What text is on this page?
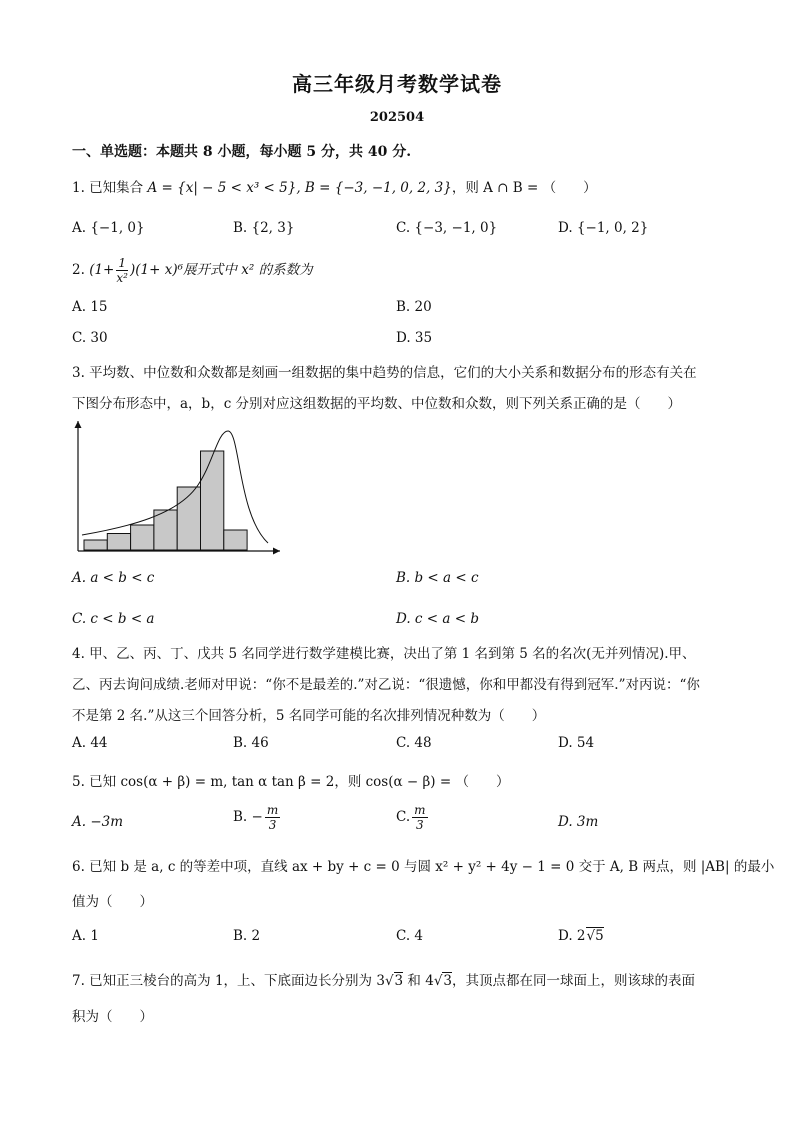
高三年级月考数学试卷
202504
一、单选题：本题共 8 小题，每小题 5 分，共 40 分.
1. 已知集合 A = {x| − 5 < x³ < 5}, B = {−3, −1, 0, 2, 3}，则 A ∩ B = （　　）
A. {−1, 0}	B. {2, 3}	C. {−3, −1, 0}	D. {−1, 0, 2}
2. $(1+ \frac{1}{\text{x²}} )(1+ x)^6$展开式中 x² 的系数为
A. 15	B. 20
C. 30	D. 35
3. 平均数、中位数和众数都是刻画一组数据的集中趋势的信息，它们的大小关系和数据分布的形态有关在
下图分布形态中，a，b，c 分别对应这组数据的平均数、中位数和众数，则下列关系正确的是（　　）
A. a < b < c	B. b < a < c
C. c < b < a	D. c < a < b
4. 甲、乙、丙、丁、戊共 5 名同学进行数学建模比赛，决出了第 1 名到第 5 名的名次(无并列情况).甲、
乙、丙去询问成绩.老师对甲说：“你不是最差的.”对乙说：“很遗憾，你和甲都没有得到冠军.”对丙说：“你
不是第 2 名.”从这三个回答分析，5 名同学可能的名次排列情况种数为（　　）
A. 44	B. 46	C. 48	D. 54
5. 已知 cos(α + β) = m, tan α tan β = 2，则 cos(α − β) = （　　）
A. −3m	B. − $\frac{m}{3}$	C. $\frac{m}{3}$	D. 3m
6. 已知 b 是 a, c 的等差中项，直线 ax + by + c = 0 与圆 x² + y² + 4y − 1 = 0 交于 A, B 两点，则 |AB| 的最小
值为（　　）
A. 1	B. 2	C. 4	D. 2√5
7. 已知正三棱台的高为 1，上、下底面边长分别为 3√3 和 4√3，其顶点都在同一球面上，则该球的表面
积为（　　）
